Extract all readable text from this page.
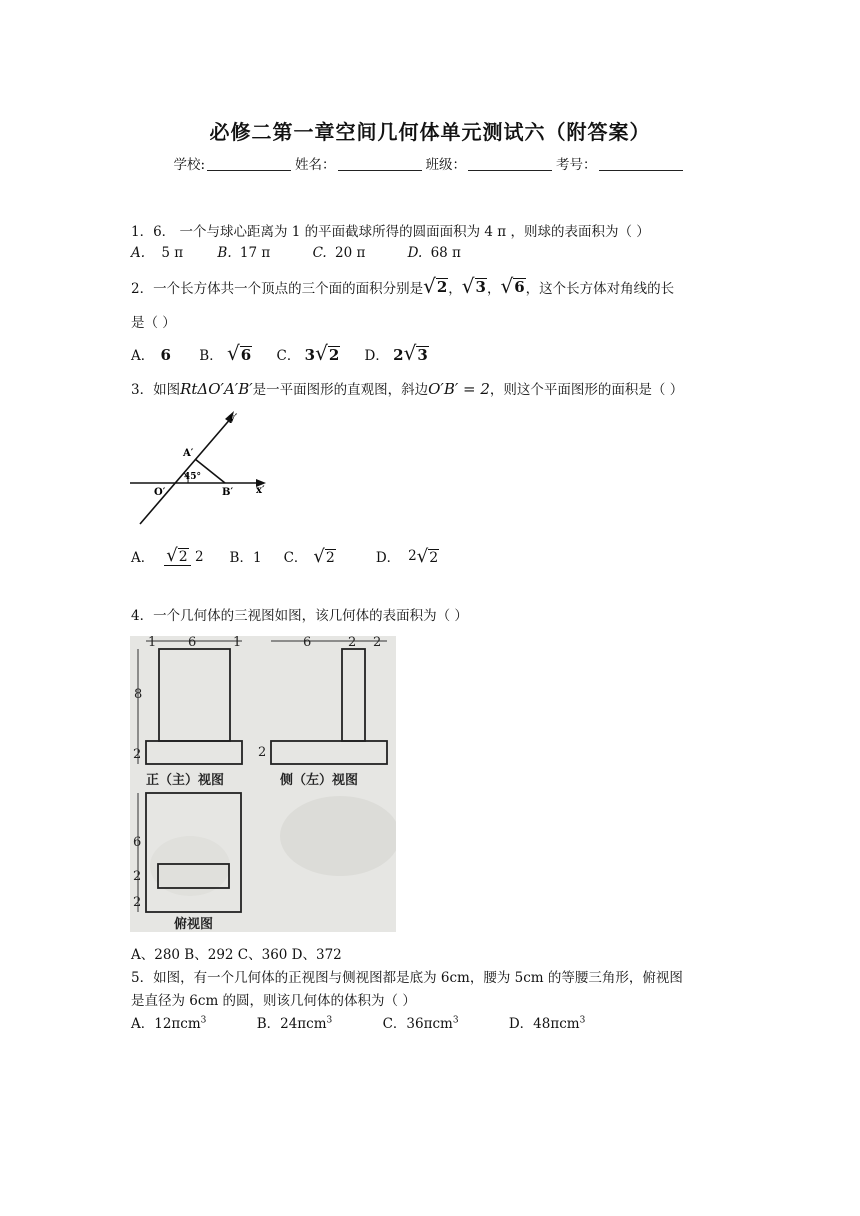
必修二第一章空间几何体单元测试六（附答案）
学校:	姓名：	班级：	考号：
1．6． 一个与球心距离为 1 的平面截球所得的圆面面积为 4 π ，则球的表面积为（ ）
A. 5 π	B. 17 π	C. 20 π	D. 68 π
2．一个长方体共一个顶点的三个面的面积分别是 √ 2 ， √ 3 ， √ 6 ，这个长方体对角线的长
是（ ）
A． 6 B． √6 C． 3√2 D． 2√3
3．如图RtΔO′A′B′是一平面图形的直观图，斜边O′B′ = 2，则这个平面图形的面积是（ ）
y′
x′
A′
O′	B′
45°
A． √2 2 B．1 C． √2	D． 2 √2
4．一个几何体的三视图如图，该几何体的表面积为（ ）
1 6	1
8
2
6	2 2
2
6
2
2
正（主）视图	侧（左）视图
俯视图
A、280 B、292 C、360 D、372
5．如图，有一个几何体的正视图与侧视图都是底为 6cm，腰为 5cm 的等腰三角形，俯视图
是直径为 6cm 的圆，则该几何体的体积为（ ）
A．12πcm$^3$	B．24πcm$^3$	C．36πcm$^3$	D．48πcm$^3$
